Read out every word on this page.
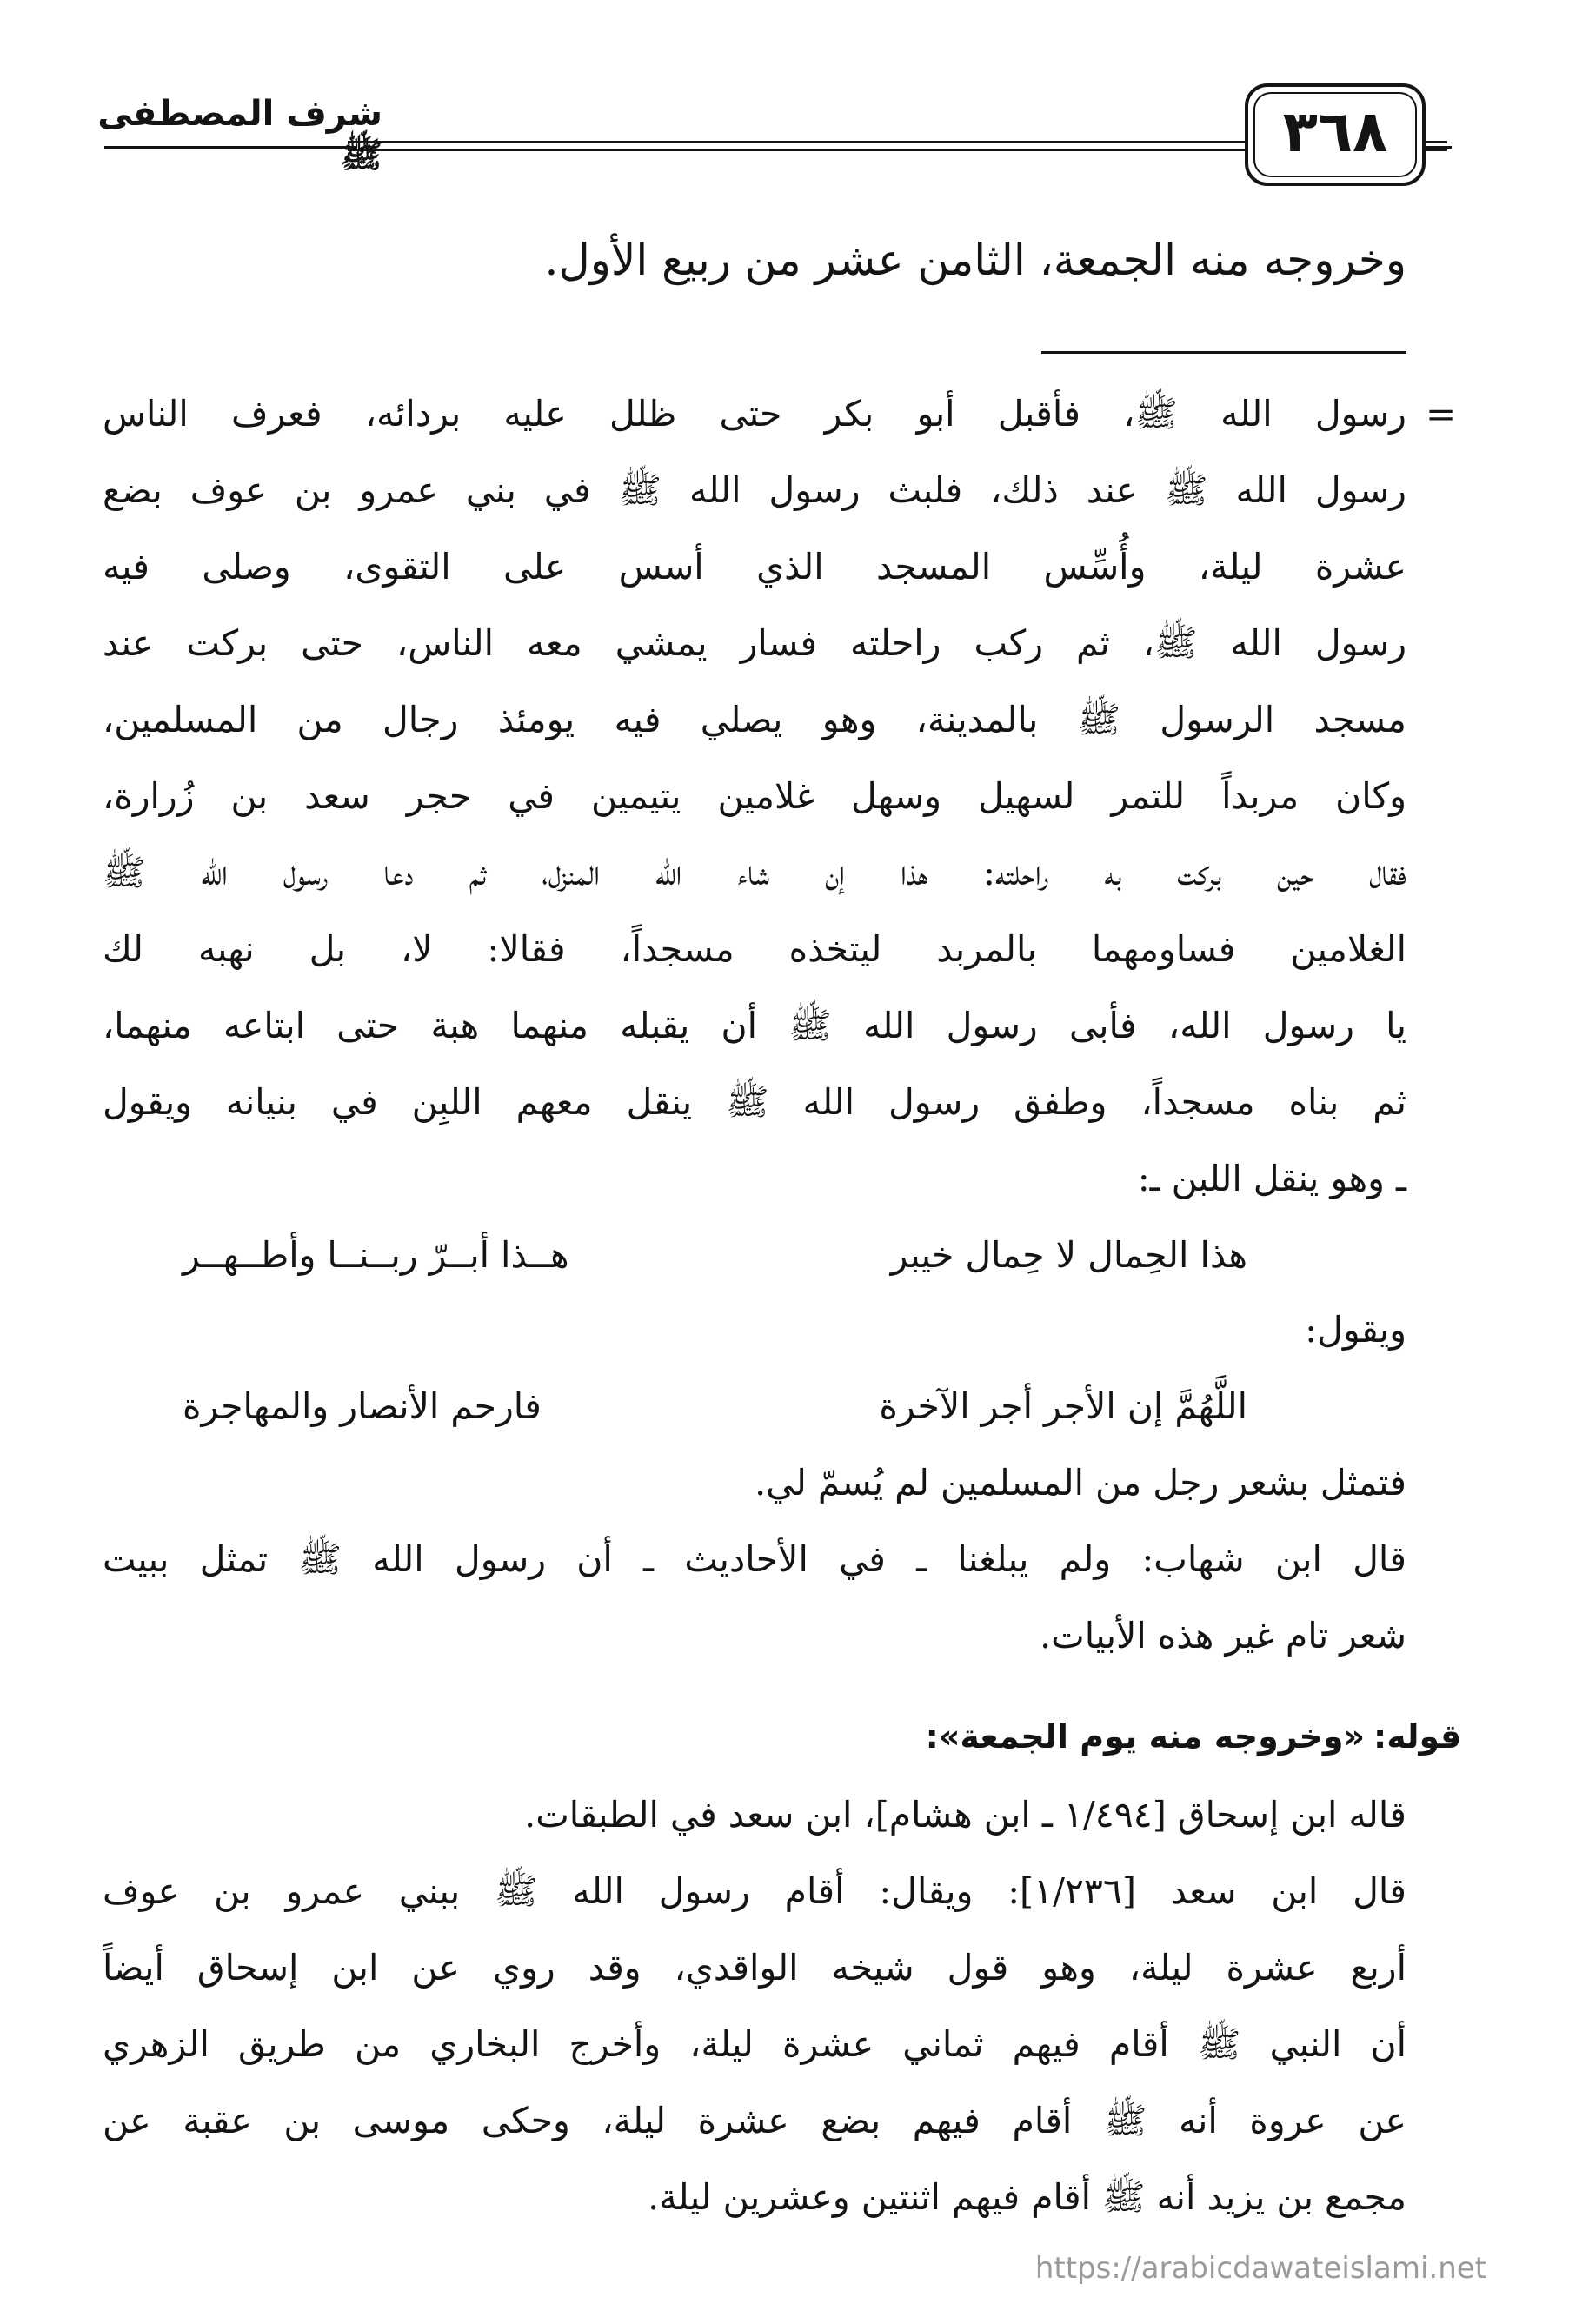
٣٦٨
شرف المصطفى ﷺ
وخروجه منه الجمعة، الثامن عشر من ربيع الأول.
=
رسول الله ﷺ، فأقبل أبو بكر حتى ظلل عليه بردائه، فعرف الناس
رسول الله ﷺ عند ذلك، فلبث رسول الله ﷺ في بني عمرو بن عوف بضع
عشرة ليلة، وأُسِّس المسجد الذي أسس على التقوى، وصلى فيه
رسول الله ﷺ، ثم ركب راحلته فسار يمشي معه الناس، حتى بركت عند
مسجد الرسول ﷺ بالمدينة، وهو يصلي فيه يومئذ رجال من المسلمين،
وكان مربداً للتمر لسهيل وسهل غلامين يتيمين في حجر سعد بن زُرارة،
فقال حين بركت به راحلته: هذا إن شاء الله المنزل، ثم دعا رسول الله ﷺ
الغلامين فساومهما بالمربد ليتخذه مسجداً، فقالا: لا، بل نهبه لك
يا رسول الله، فأبى رسول الله ﷺ أن يقبله منهما هبة حتى ابتاعه منهما،
ثم بناه مسجداً، وطفق رسول الله ﷺ ينقل معهم اللبِن في بنيانه ويقول
ـ وهو ينقل اللبن ـ:
هذا الحِمال لا حِمال خيبر
هــذا أبــرّ ربــنــا وأطــهــر
ويقول:
اللَّهُمَّ إن الأجر أجر الآخرة
فارحم الأنصار والمهاجرة
فتمثل بشعر رجل من المسلمين لم يُسمّ لي.
قال ابن شهاب: ولم يبلغنا ـ في الأحاديث ـ أن رسول الله ﷺ تمثل ببيت
شعر تام غير هذه الأبيات.
قوله:
«وخروجه منه يوم الجمعة»:
قاله ابن إسحاق [١/٤٩٤ ـ ابن هشام]، ابن سعد في الطبقات.
قال ابن سعد [١/٢٣٦]: ويقال: أقام رسول الله ﷺ ببني عمرو بن عوف
أربع عشرة ليلة، وهو قول شيخه الواقدي، وقد روي عن ابن إسحاق أيضاً
أن النبي ﷺ أقام فيهم ثماني عشرة ليلة، وأخرج البخاري من طريق الزهري
عن عروة أنه ﷺ أقام فيهم بضع عشرة ليلة، وحكى موسى بن عقبة عن
مجمع بن يزيد أنه ﷺ أقام فيهم اثنتين وعشرين ليلة.
https://arabicdawateislami.net
